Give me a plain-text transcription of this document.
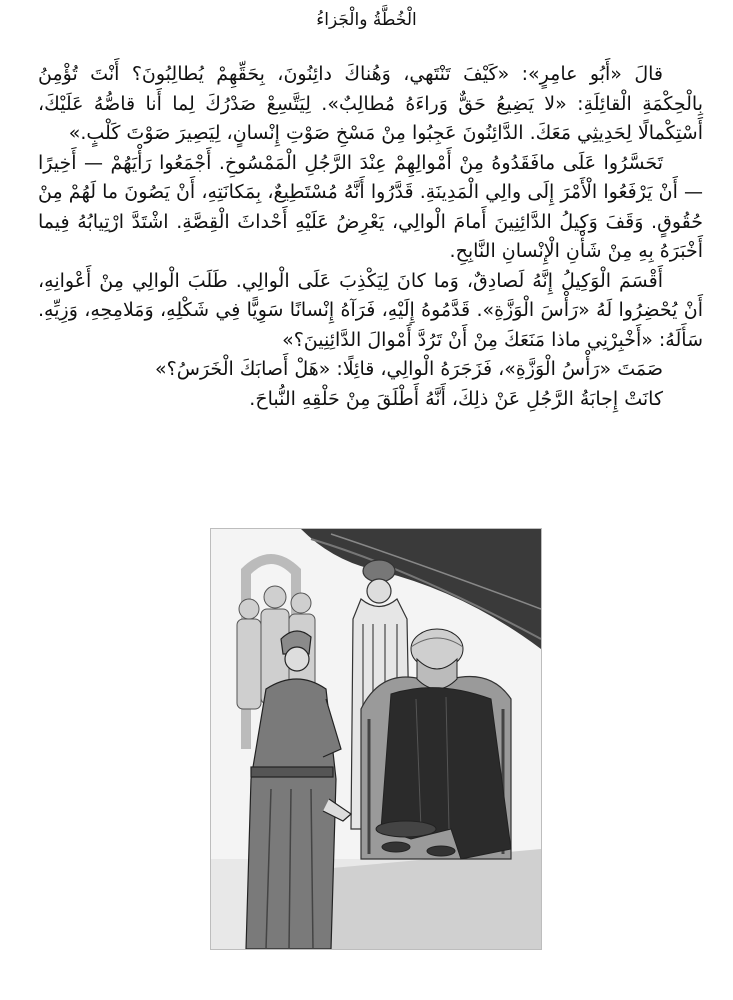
الْخُطَّةُ والْجَزاءُ

قالَ «أَبُو عامِرٍ»: «كَيْفَ تَنْتَهي، وَهُناكَ دائِنُونَ، بِحَقِّهِمْ يُطالِبُونَ؟ أَنْتَ تُؤْمِنُ بِالْحِكْمَةِ الْقائِلَةِ: «لا يَضِيعُ حَقٌّ وَراءَهُ مُطالِبٌ». لِيَتَّسِعْ صَدْرُكَ لِما أَنا قاصُّهُ عَلَيْكَ، أَسْتِكْمالًا لِحَدِيثِي مَعَكَ. الدَّائِنُونَ عَجِبُوا مِنْ مَسْخِ صَوْتِ إِنْسانٍ، لِيَصِيرَ صَوْتَ كَلْبٍ.»

تَحَسَّرُوا عَلَى مافَقَدُوهُ مِنْ أَمْوالِهِمْ عِنْدَ الرَّجُلِ الْمَمْسُوخِ. أَجْمَعُوا رَأْيَهُمْ — أَخِيرًا — أَنْ يَرْفَعُوا الْأَمْرَ إِلَى والِي الْمَدِينَةِ. قَدَّرُوا أَنَّهُ مُسْتَطِيعٌ، بِمَكانَتِهِ، أَنْ يَصُونَ ما لَهُمْ مِنْ حُقُوقٍ. وَقَفَ وَكِيلُ الدَّائِنِينَ أَمامَ الْوالِي، يَعْرِضُ عَلَيْهِ أَحْداثَ الْقِصَّةِ. اشْتَدَّ ارْتِيابُهُ فِيما أَخْبَرَهُ بِهِ مِنْ شَأْنِ الْإِنْسانِ النَّابِحِ.

أَقْسَمَ الْوَكِيلُ إِنَّهُ لَصادِقٌ، وَما كانَ لِيَكْذِبَ عَلَى الْوالِي. طَلَبَ الْوالِي مِنْ أَعْوانِهِ، أَنْ يُحْضِرُوا لَهُ «رَأْسَ الْوَزَّةِ». قَدَّمُوهُ إِلَيْهِ، فَرَآهُ إِنْسانًا سَوِيًّا فِي شَكْلِهِ، وَمَلامِحِهِ، وَزِيِّهِ. سَأَلَهُ: «أَخْبِرْنِي ماذا مَنَعَكَ مِنْ أَنْ تَرُدَّ أَمْوالَ الدَّائِنِينَ؟»

صَمَتَ «رَأْسُ الْوَزَّةِ»، فَزَجَرَهُ الْوالِي، قائِلًا: «هَلْ أَصابَكَ الْخَرَسُ؟»

كانَتْ إِجابَةُ الرَّجُلِ عَنْ ذلِكَ، أَنَّهُ أَطْلَقَ مِنْ حَلْقِهِ النُّباحَ.
